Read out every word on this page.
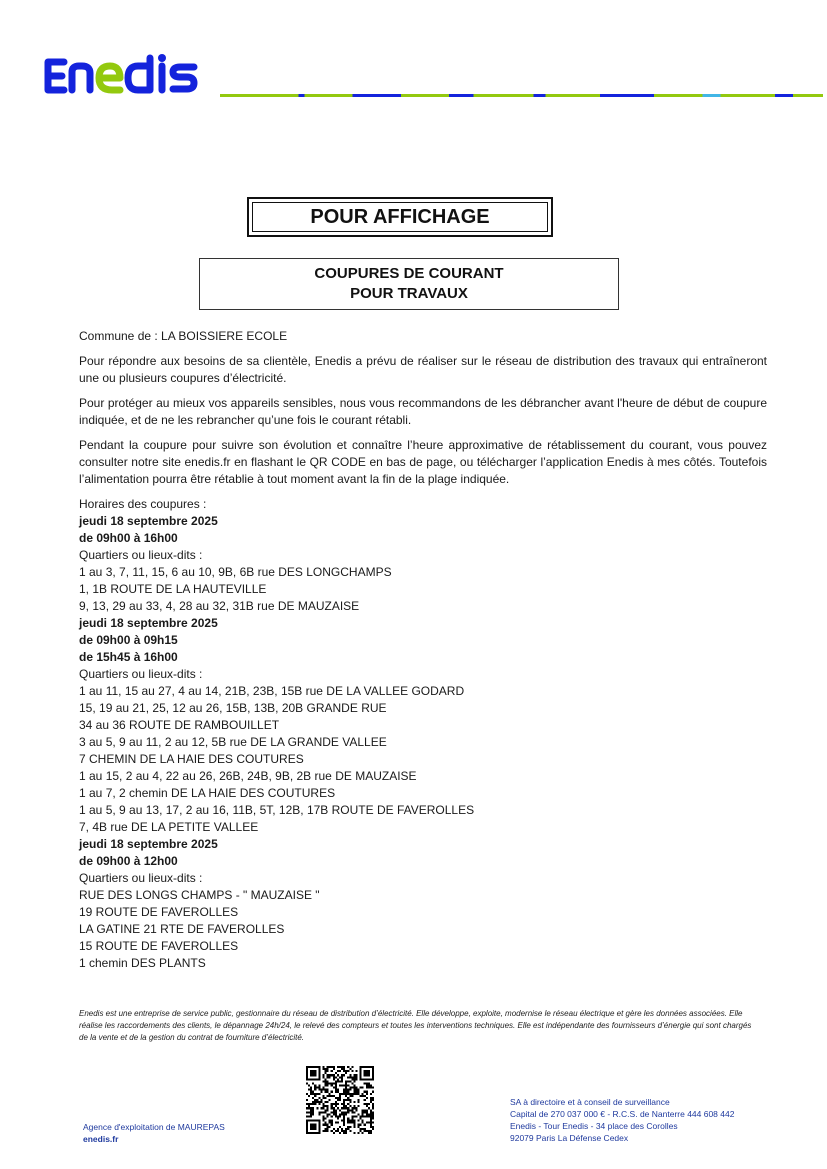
POUR AFFICHAGE
COUPURES DE COURANT
POUR TRAVAUX

Commune de : LA BOISSIERE ECOLE

Pour répondre aux besoins de sa clientèle, Enedis a prévu de réaliser sur le réseau de distribution des travaux qui entraîneront une ou plusieurs coupures d’électricité.

Pour protéger au mieux vos appareils sensibles, nous vous recommandons de les débrancher avant l'heure de début de coupure indiquée, et de ne les rebrancher qu’une fois le courant rétabli.

Pendant la coupure pour suivre son évolution et connaître l’heure approximative de rétablissement du courant, vous pouvez consulter notre site enedis.fr en flashant le QR CODE en bas de page, ou télécharger l’application Enedis à mes côtés. Toutefois l’alimentation pourra être rétablie à tout moment avant la fin de la plage indiquée.

Horaires des coupures :
jeudi 18 septembre 2025
de 09h00 à 16h00
Quartiers ou lieux-dits :
1 au 3, 7, 11, 15, 6 au 10, 9B, 6B rue DES LONGCHAMPS
1, 1B ROUTE DE LA HAUTEVILLE
9, 13, 29 au 33, 4, 28 au 32, 31B rue DE MAUZAISE
jeudi 18 septembre 2025
de 09h00 à 09h15
de 15h45 à 16h00
Quartiers ou lieux-dits :
1 au 11, 15 au 27, 4 au 14, 21B, 23B, 15B rue DE LA VALLEE GODARD
15, 19 au 21, 25, 12 au 26, 15B, 13B, 20B GRANDE RUE
34 au 36 ROUTE DE RAMBOUILLET
3 au 5, 9 au 11, 2 au 12, 5B rue DE LA GRANDE VALLEE
7 CHEMIN DE LA HAIE DES COUTURES
1 au 15, 2 au 4, 22 au 26, 26B, 24B, 9B, 2B rue DE MAUZAISE
1 au 7, 2 chemin DE LA HAIE DES COUTURES
1 au 5, 9 au 13, 17, 2 au 16, 11B, 5T, 12B, 17B ROUTE DE FAVEROLLES
7, 4B rue DE LA PETITE VALLEE
jeudi 18 septembre 2025
de 09h00 à 12h00
Quartiers ou lieux-dits :
RUE DES LONGS CHAMPS - " MAUZAISE "
19 ROUTE DE FAVEROLLES
LA GATINE 21 RTE DE FAVEROLLES
15 ROUTE DE FAVEROLLES
1 chemin DES PLANTS
Enedis est une entreprise de service public, gestionnaire du réseau de distribution d’électricité. Elle développe, exploite, modernise le réseau électrique et gère les données associées. Elle réalise les raccordements des clients, le dépannage 24h/24, le relevé des compteurs et toutes les interventions techniques. Elle est indépendante des fournisseurs d’énergie qui sont chargés de la vente et de la gestion du contrat de fourniture d’électricité.
Agence d'exploitation de MAUREPAS
enedis.fr
SA à directoire et à conseil de surveillance
Capital de 270 037 000 € - R.C.S. de Nanterre 444 608 442
Enedis - Tour Enedis - 34 place des Corolles
92079 Paris La Défense Cedex
